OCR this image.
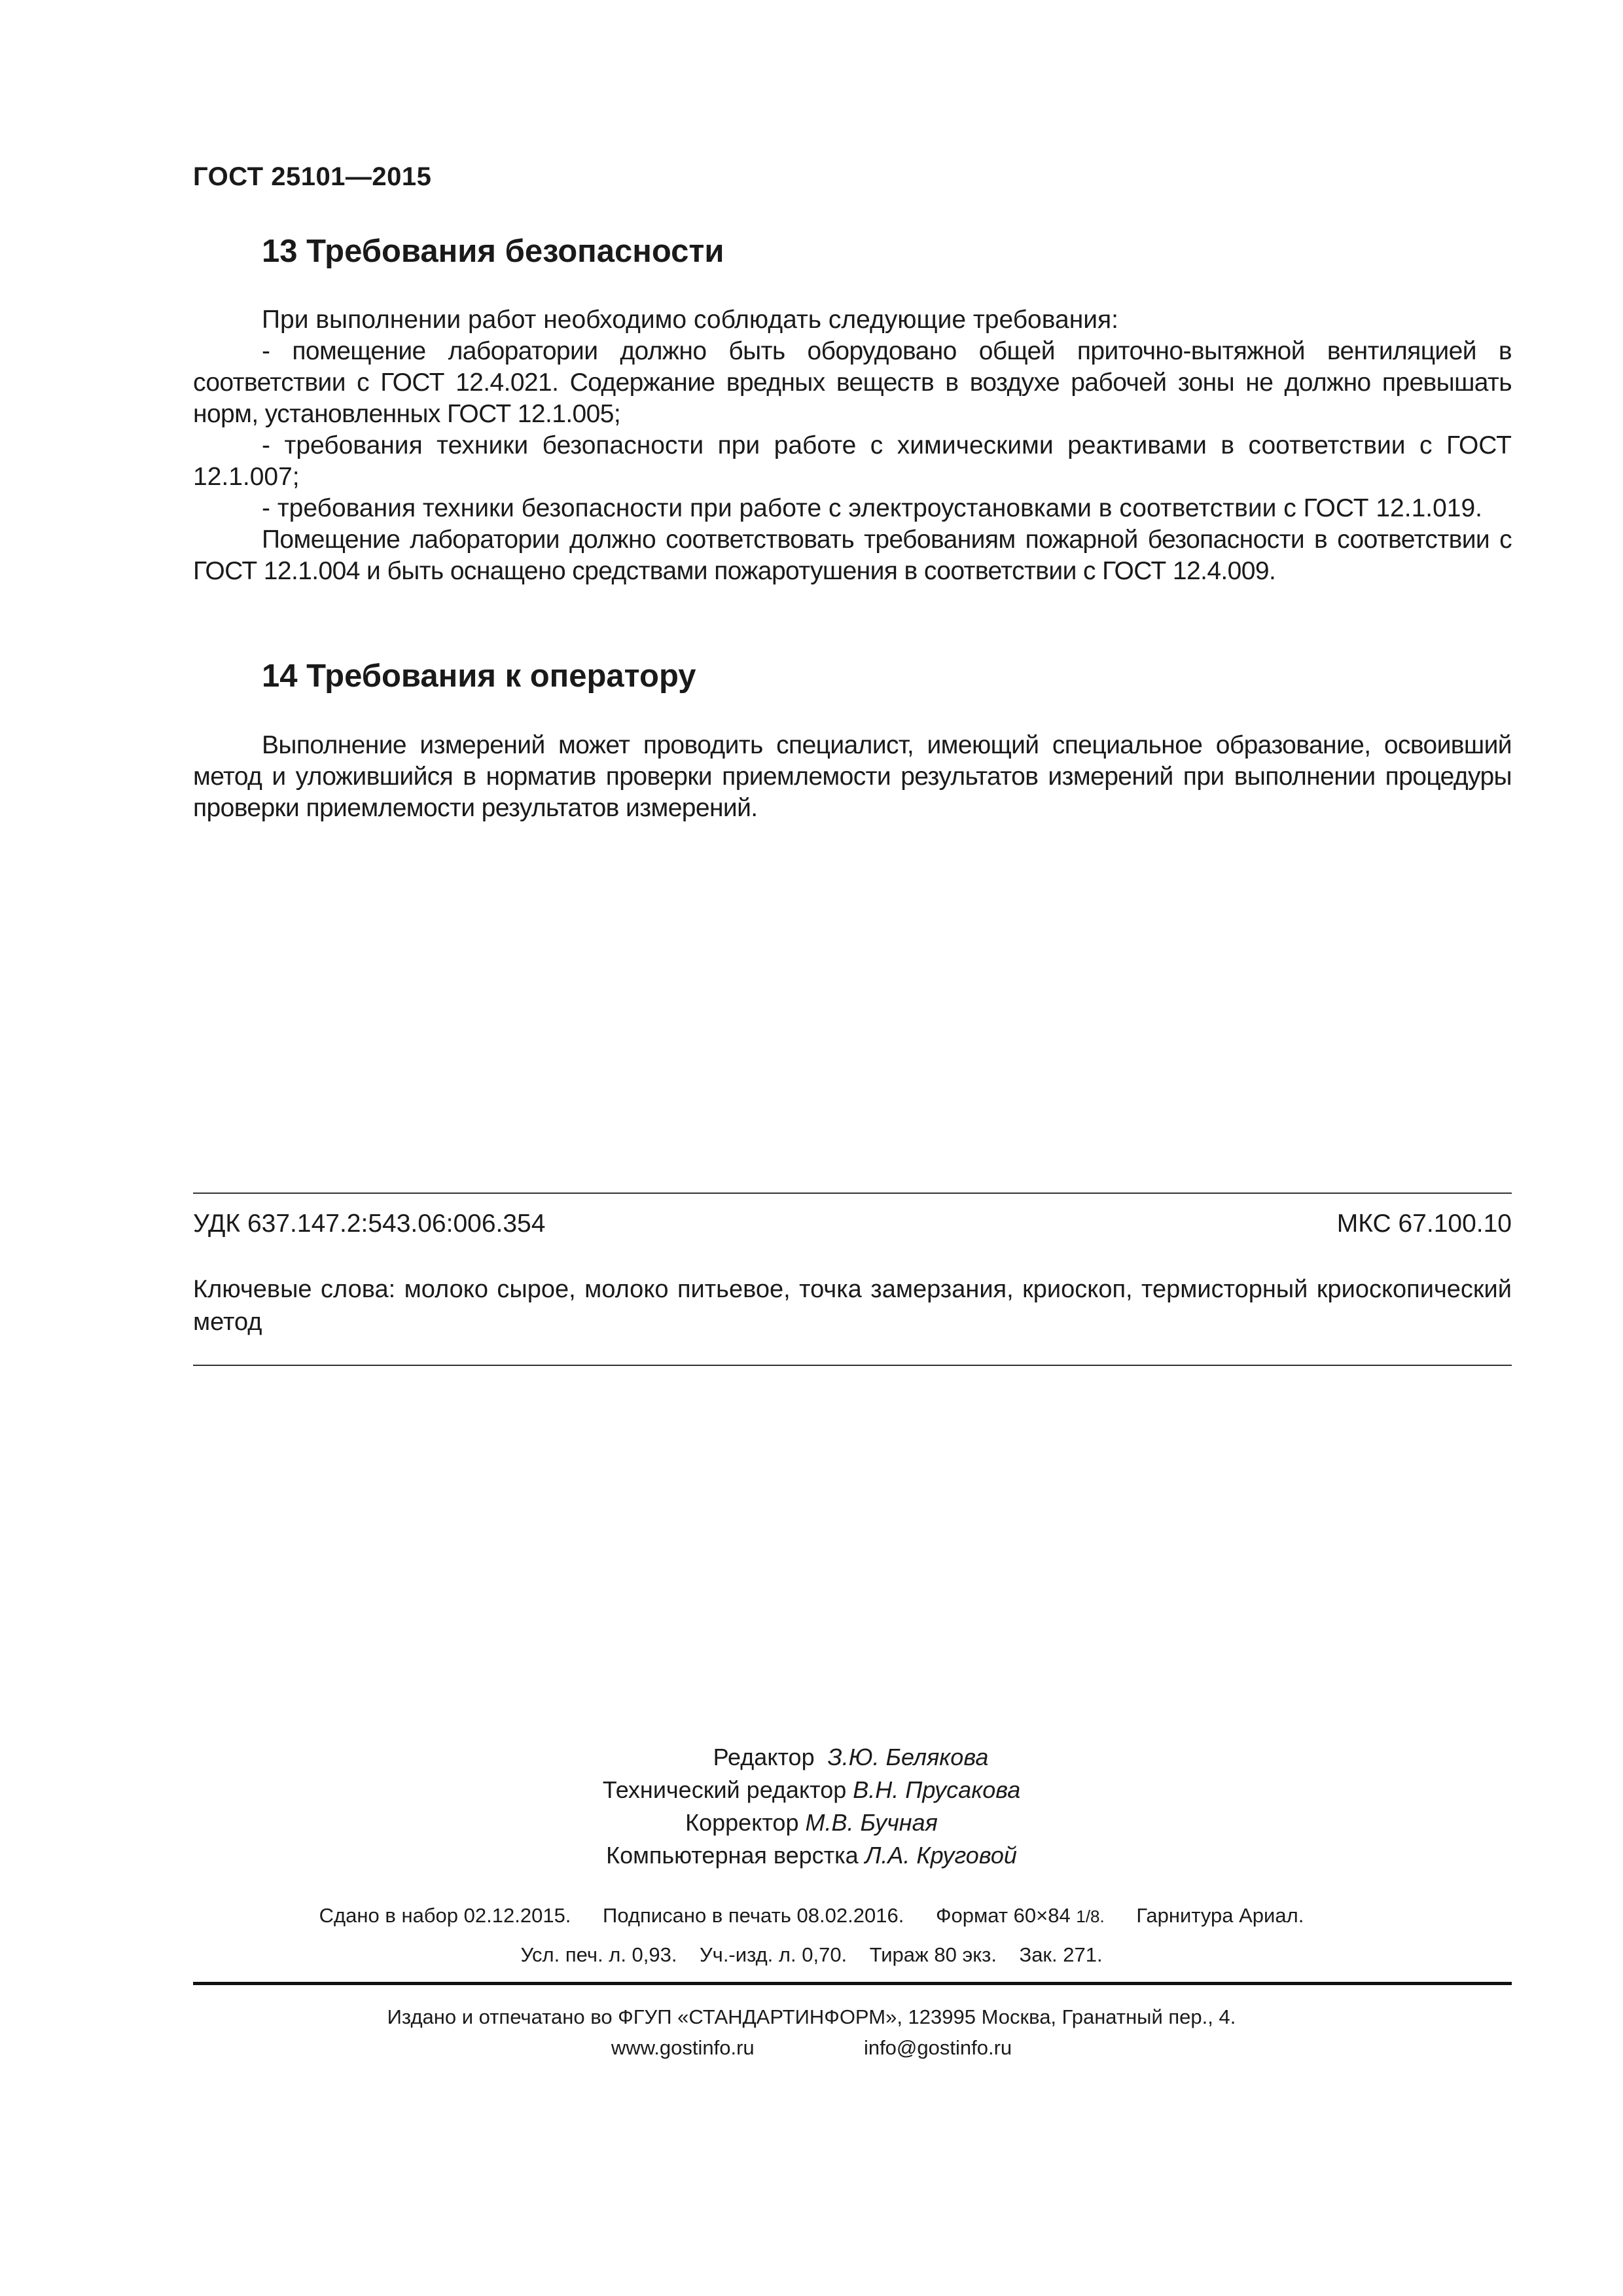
ГОСТ 25101—2015
13 Требования безопасности

При выполнении работ необходимо соблюдать следующие требования:

- помещение лаборатории должно быть оборудовано общей приточно-вытяжной вентиляцией в соответствии с ГОСТ 12.4.021. Содержание вредных веществ в воздухе рабочей зоны не должно превышать норм, установленных ГОСТ 12.1.005;

- требования техники безопасности при работе с химическими реактивами в соответствии с ГОСТ 12.1.007;

- требования техники безопасности при работе с электроустановками в соответствии с ГОСТ 12.1.019.

Помещение лаборатории должно соответствовать требованиям пожарной безопасности в соответствии с ГОСТ 12.1.004 и быть оснащено средствами пожаротушения в соответствии с ГОСТ 12.4.009.

14 Требования к оператору

Выполнение измерений может проводить специалист, имеющий специальное образование, освоивший метод и уложившийся в норматив проверки приемлемости результатов измерений при выполнении процедуры проверки приемлемости результатов измерений.

УДК 637.147.2:543.06:006.354	МКС 67.100.10

Ключевые слова: молоко сырое, молоко питьевое, точка замерзания, криоскоп, термисторный криоскопический метод

Редактор З.Ю. Белякова
Технический редактор В.Н. Прусакова
Корректор М.В. Бучная
Компьютерная верстка Л.А. Круговой
Сдано в набор 02.12.2015. Подписано в печать 08.02.2016. Формат 60×84 1/8. Гарнитура Ариал.
Усл. печ. л. 0,93. Уч.-изд. л. 0,70. Тираж 80 экз. Зак. 271.
Издано и отпечатано во ФГУП «СТАНДАРТИНФОРМ», 123995 Москва, Гранатный пер., 4.
www.gostinfo.ru	info@gostinfo.ru
